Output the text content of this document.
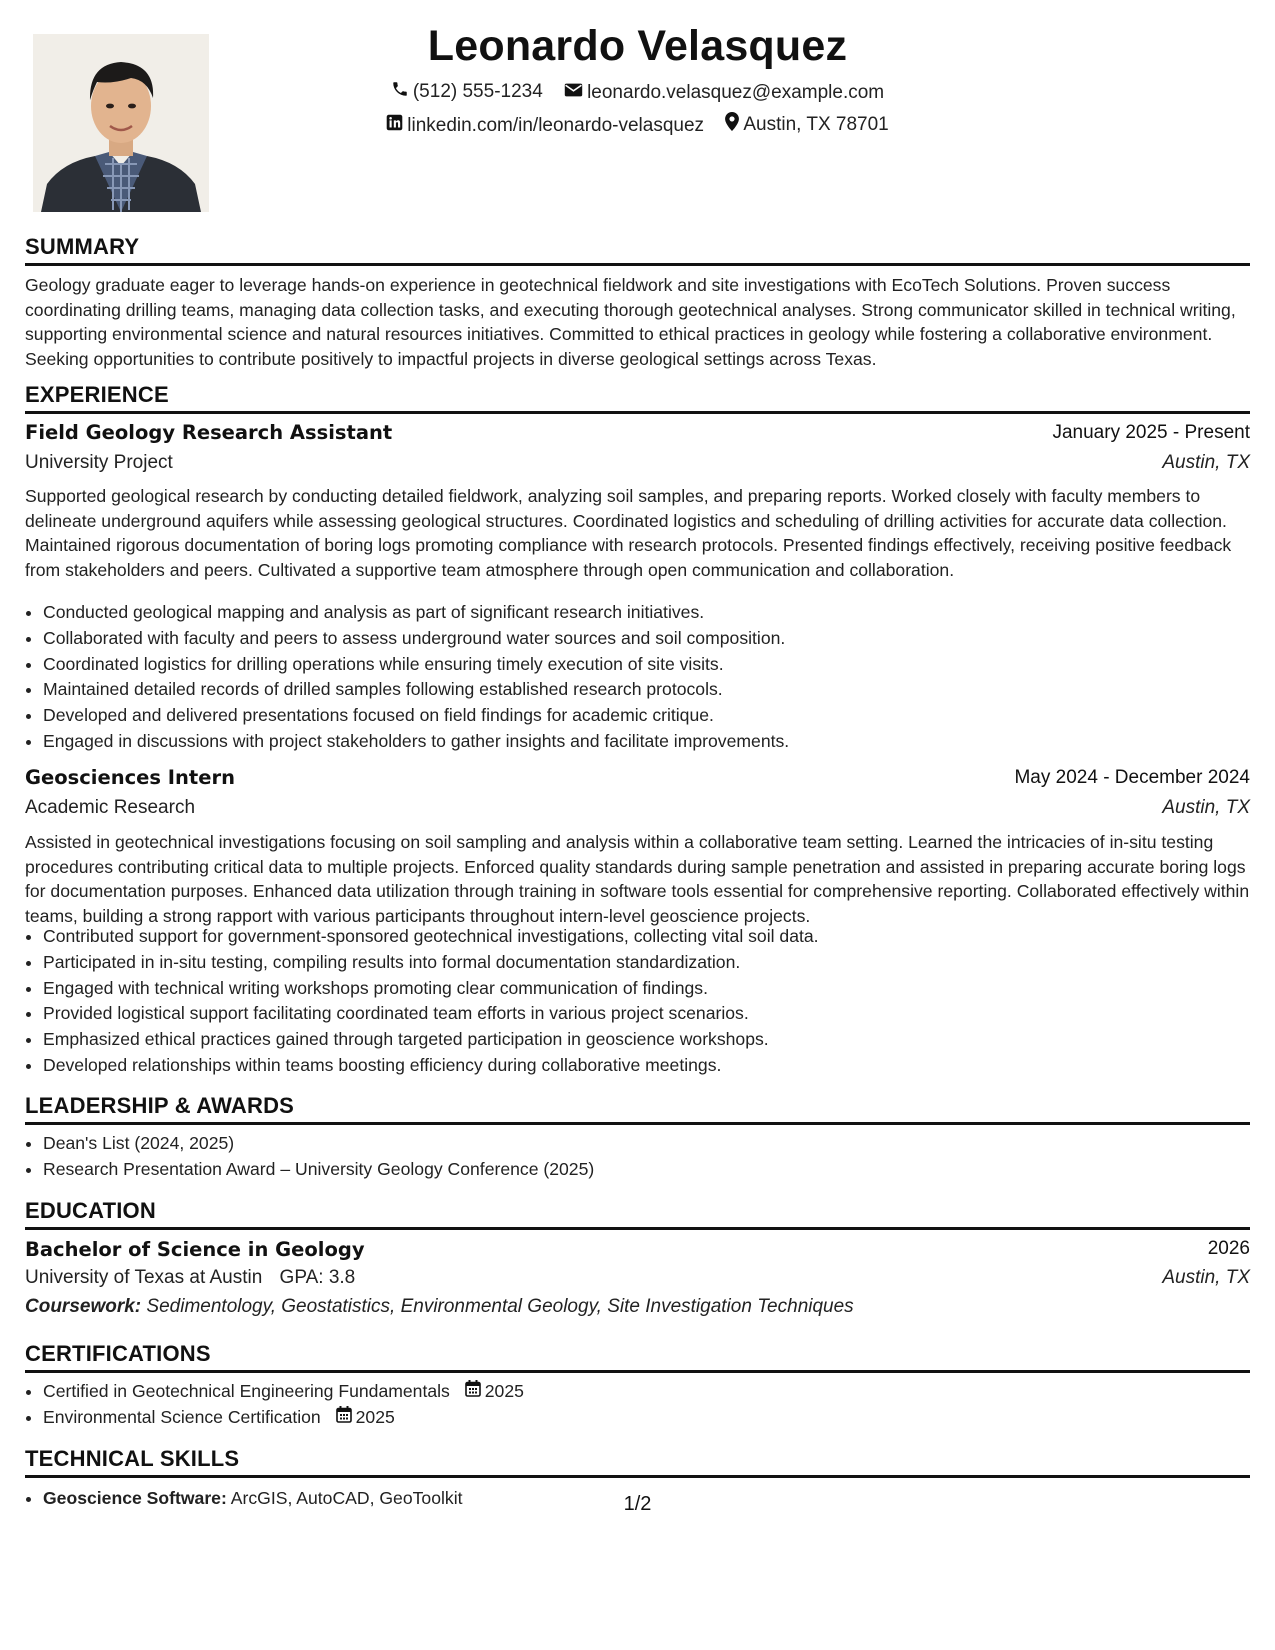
Leonardo Velasquez
(512) 555-1234
leonardo.velasquez@example.com
linkedin.com/in/leonardo-velasquez
Austin, TX 78701
SUMMARY
Geology graduate eager to leverage hands-on experience in geotechnical fieldwork and site investigations with EcoTech Solutions. Proven success coordinating drilling teams, managing data collection tasks, and executing thorough geotechnical analyses. Strong communicator skilled in technical writing, supporting environmental science and natural resources initiatives. Committed to ethical practices in geology while fostering a collaborative environment. Seeking opportunities to contribute positively to impactful projects in diverse geological settings across Texas.
EXPERIENCE
Field Geology Research Assistant	January 2025 - Present
University Project	Austin, TX
Supported geological research by conducting detailed fieldwork, analyzing soil samples, and preparing reports. Worked closely with faculty members to delineate underground aquifers while assessing geological structures. Coordinated logistics and scheduling of drilling activities for accurate data collection. Maintained rigorous documentation of boring logs promoting compliance with research protocols. Presented findings effectively, receiving positive feedback from stakeholders and peers. Cultivated a supportive team atmosphere through open communication and collaboration.
• Conducted geological mapping and analysis as part of significant research initiatives.
• Collaborated with faculty and peers to assess underground water sources and soil composition.
• Coordinated logistics for drilling operations while ensuring timely execution of site visits.
• Maintained detailed records of drilled samples following established research protocols.
• Developed and delivered presentations focused on field findings for academic critique.
• Engaged in discussions with project stakeholders to gather insights and facilitate improvements.
Geosciences Intern	May 2024 - December 2024
Academic Research	Austin, TX
Assisted in geotechnical investigations focusing on soil sampling and analysis within a collaborative team setting. Learned the intricacies of in-situ testing procedures contributing critical data to multiple projects. Enforced quality standards during sample penetration and assisted in preparing accurate boring logs for documentation purposes. Enhanced data utilization through training in software tools essential for comprehensive reporting. Collaborated effectively within teams, building a strong rapport with various participants throughout intern-level geoscience projects.
• Contributed support for government-sponsored geotechnical investigations, collecting vital soil data.
• Participated in in-situ testing, compiling results into formal documentation standardization.
• Engaged with technical writing workshops promoting clear communication of findings.
• Provided logistical support facilitating coordinated team efforts in various project scenarios.
• Emphasized ethical practices gained through targeted participation in geoscience workshops.
• Developed relationships within teams boosting efficiency during collaborative meetings.
LEADERSHIP & AWARDS
• Dean's List (2024, 2025)
• Research Presentation Award – University Geology Conference (2025)
EDUCATION
Bachelor of Science in Geology	2026
University of Texas at Austin GPA: 3.8	Austin, TX
Coursework: Sedimentology, Geostatistics, Environmental Geology, Site Investigation Techniques
CERTIFICATIONS
• Certified in Geotechnical Engineering Fundamentals 2025
• Environmental Science Certification 2025
TECHNICAL SKILLS
• Geoscience Software: ArcGIS, AutoCAD, GeoToolkit	1/2
